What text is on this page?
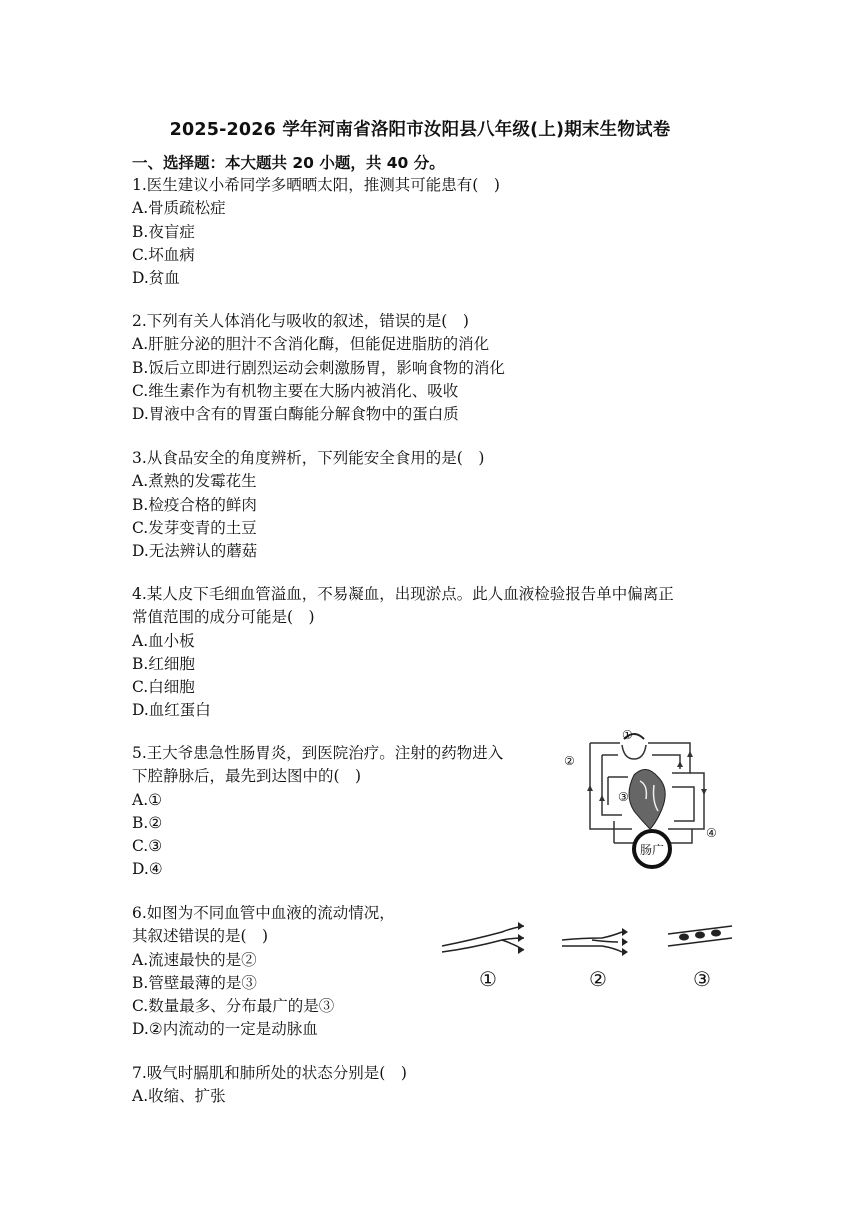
2025-2026 学年河南省洛阳市汝阳县八年级(上)期末生物试卷
一、选择题：本大题共 20 小题，共 40 分。
1.医生建议小希同学多晒晒太阳，推测其可能患有(　)
A.骨质疏松症
B.夜盲症
C.坏血病
D.贫血
2.下列有关人体消化与吸收的叙述，错误的是(　)
A.肝脏分泌的胆汁不含消化酶，但能促进脂肪的消化
B.饭后立即进行剧烈运动会刺激肠胃，影响食物的消化
C.维生素作为有机物主要在大肠内被消化、吸收
D.胃液中含有的胃蛋白酶能分解食物中的蛋白质
3.从食品安全的角度辨析，下列能安全食用的是(　)
A.煮熟的发霉花生
B.检疫合格的鲜肉
C.发芽变青的土豆
D.无法辨认的蘑菇
4.某人皮下毛细血管溢血，不易凝血，出现淤点。此人血液检验报告单中偏离正
常值范围的成分可能是(　)
A.血小板
B.红细胞
C.白细胞
D.血红蛋白
5.王大爷患急性肠胃炎，到医院治疗。注射的药物进入
下腔静脉后，最先到达图中的(　)
A.①
B.②
C.③
D.④
肠广
①
②
③
④
6.如图为不同血管中血液的流动情况，
其叙述错误的是(　)
A.流速最快的是②
B.管壁最薄的是③
C.数量最多、分布最广的是③
D.②内流动的一定是动脉血
①	②	③
7.吸气时膈肌和肺所处的状态分别是(　)
A.收缩、扩张
